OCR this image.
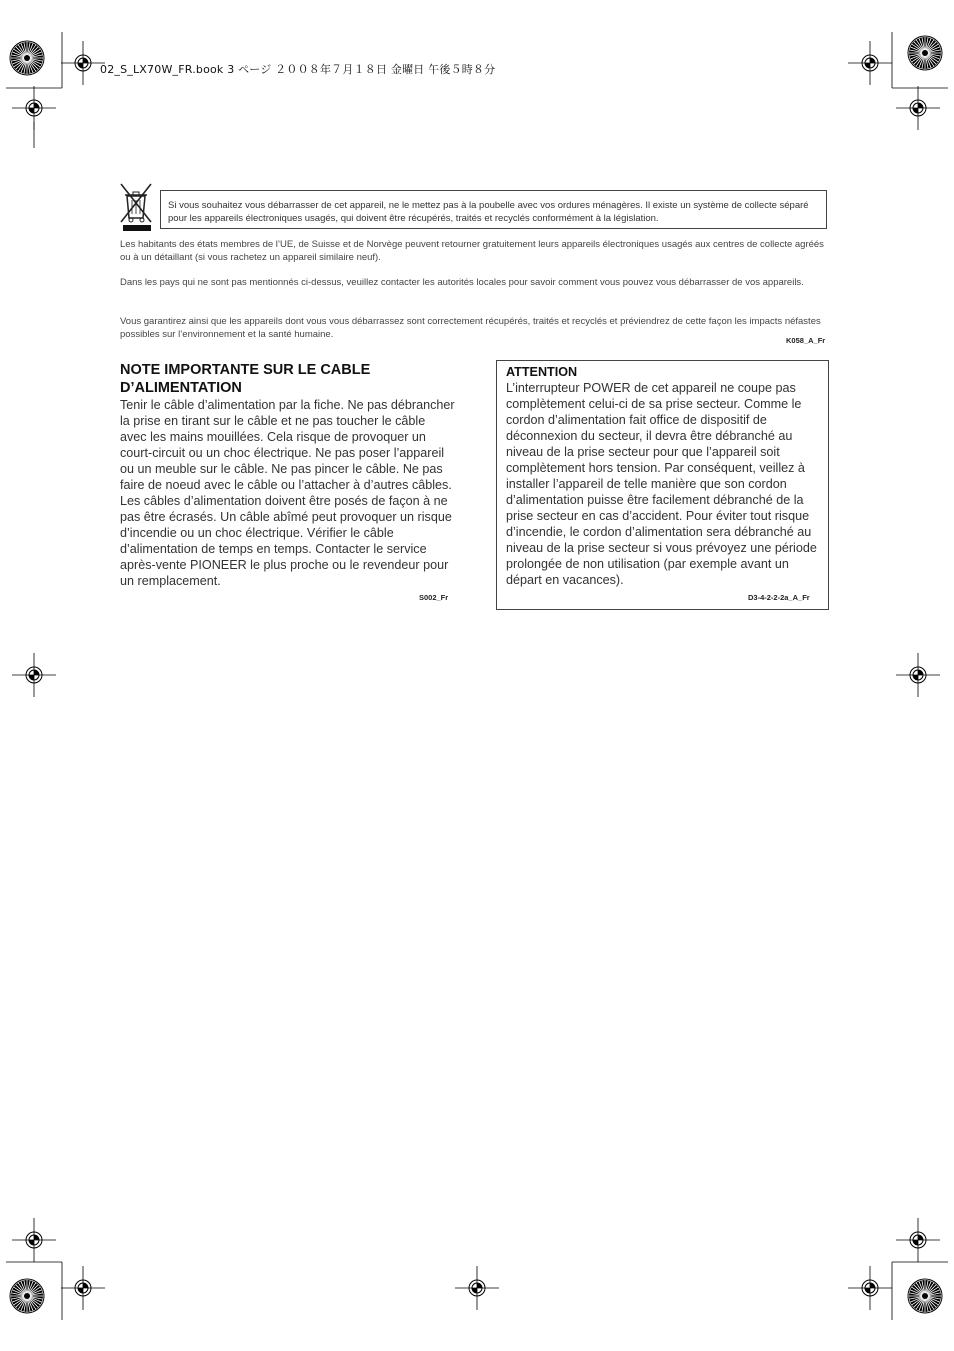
02_S_LX70W_FR.book 3 ページ ２００８年７月１８日 金曜日 午後５時８分
Si vous souhaitez vous débarrasser de cet appareil, ne le mettez pas à la poubelle avec vos ordures ménagères. Il existe un système de collecte séparé pour les appareils électroniques usagés, qui doivent être récupérés, traités et recyclés conformément à la législation.
Les habitants des états membres de l’UE, de Suisse et de Norvège peuvent retourner gratuitement leurs appareils électroniques usagés aux centres de collecte agréés ou à un détaillant (si vous rachetez un appareil similaire neuf).
Dans les pays qui ne sont pas mentionnés ci-dessus, veuillez contacter les autorités locales pour savoir comment vous pouvez vous débarrasser de vos appareils.
Vous garantirez ainsi que les appareils dont vous vous débarrassez sont correctement récupérés, traités et recyclés et préviendrez de cette façon les impacts néfastes possibles sur l’environnement et la santé humaine.
K058_A_Fr
NOTE IMPORTANTE SUR LE CABLE
D’ALIMENTATION
Tenir le câble d’alimentation par la fiche. Ne pas débrancher la prise en tirant sur le câble et ne pas toucher le câble avec les mains mouillées. Cela risque de provoquer un court-circuit ou un choc électrique. Ne pas poser l’appareil ou un meuble sur le câble. Ne pas pincer le câble. Ne pas faire de noeud avec le câble ou l’attacher à d’autres câbles. Les câbles d’alimentation doivent être posés de façon à ne pas être écrasés. Un câble abîmé peut provoquer un risque d’incendie ou un choc électrique. Vérifier le câble d’alimentation de temps en temps. Contacter le service après-vente PIONEER le plus proche ou le revendeur pour un remplacement.
S002_Fr
ATTENTION
L’interrupteur POWER de cet appareil ne coupe pas complètement celui-ci de sa prise secteur. Comme le cordon d’alimentation fait office de dispositif de déconnexion du secteur, il devra être débranché au niveau de la prise secteur pour que l’appareil soit complètement hors tension. Par conséquent, veillez à installer l’appareil de telle manière que son cordon d’alimentation puisse être facilement débranché de la prise secteur en cas d’accident. Pour éviter tout risque d’incendie, le cordon d’alimentation sera débranché au niveau de la prise secteur si vous prévoyez une période prolongée de non utilisation (par exemple avant un départ en vacances).
D3-4-2-2-2a_A_Fr
